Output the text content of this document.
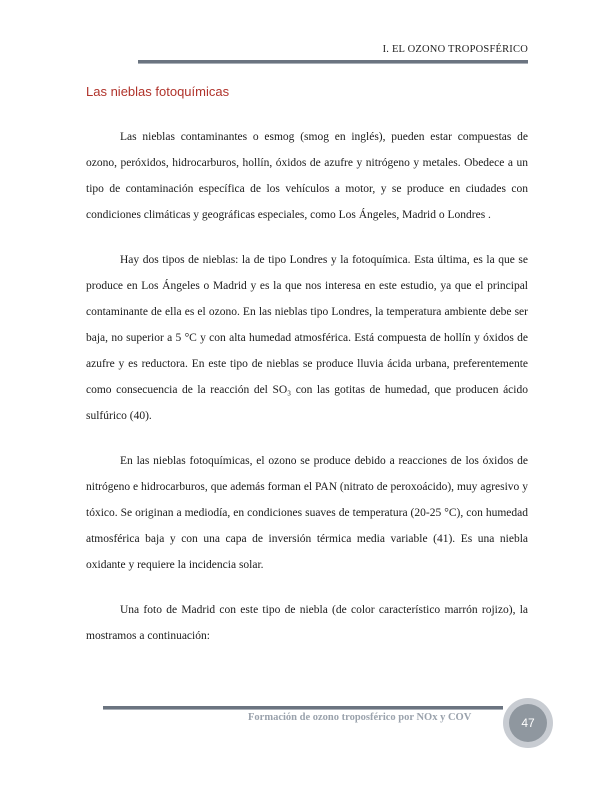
I. EL OZONO TROPOSFÉRICO
Las nieblas fotoquímicas

Las nieblas contaminantes o esmog (smog en inglés), pueden estar compuestas de ozono, peróxidos, hidrocarburos, hollín, óxidos de azufre y nitrógeno y metales. Obedece a un tipo de contaminación específica de los vehículos a motor, y se produce en ciudades con condiciones climáticas y geográficas especiales, como Los Ángeles, Madrid o Londres .

Hay dos tipos de nieblas: la de tipo Londres y la fotoquímica. Esta última, es la que se produce en Los Ángeles o Madrid y es la que nos interesa en este estudio, ya que el principal contaminante de ella es el ozono. En las nieblas tipo Londres, la temperatura ambiente debe ser baja, no superior a 5 °C y con alta humedad atmosférica. Está compuesta de hollín y óxidos de azufre y es reductora. En este tipo de nieblas se produce lluvia ácida urbana, preferentemente como consecuencia de la reacción del SO₃ con las gotitas de humedad, que producen ácido sulfúrico (40).

En las nieblas fotoquímicas, el ozono se produce debido a reacciones de los óxidos de nitrógeno e hidrocarburos, que además forman el PAN (nitrato de peroxoácido), muy agresivo y tóxico. Se originan a mediodía, en condiciones suaves de temperatura (20-25 °C), con humedad atmosférica baja y con una capa de inversión térmica media variable (41). Es una niebla oxidante y requiere la incidencia solar.

Una foto de Madrid con este tipo de niebla (de color característico marrón rojizo), la mostramos a continuación:

Formación de ozono troposférico por NOx y COV	47
